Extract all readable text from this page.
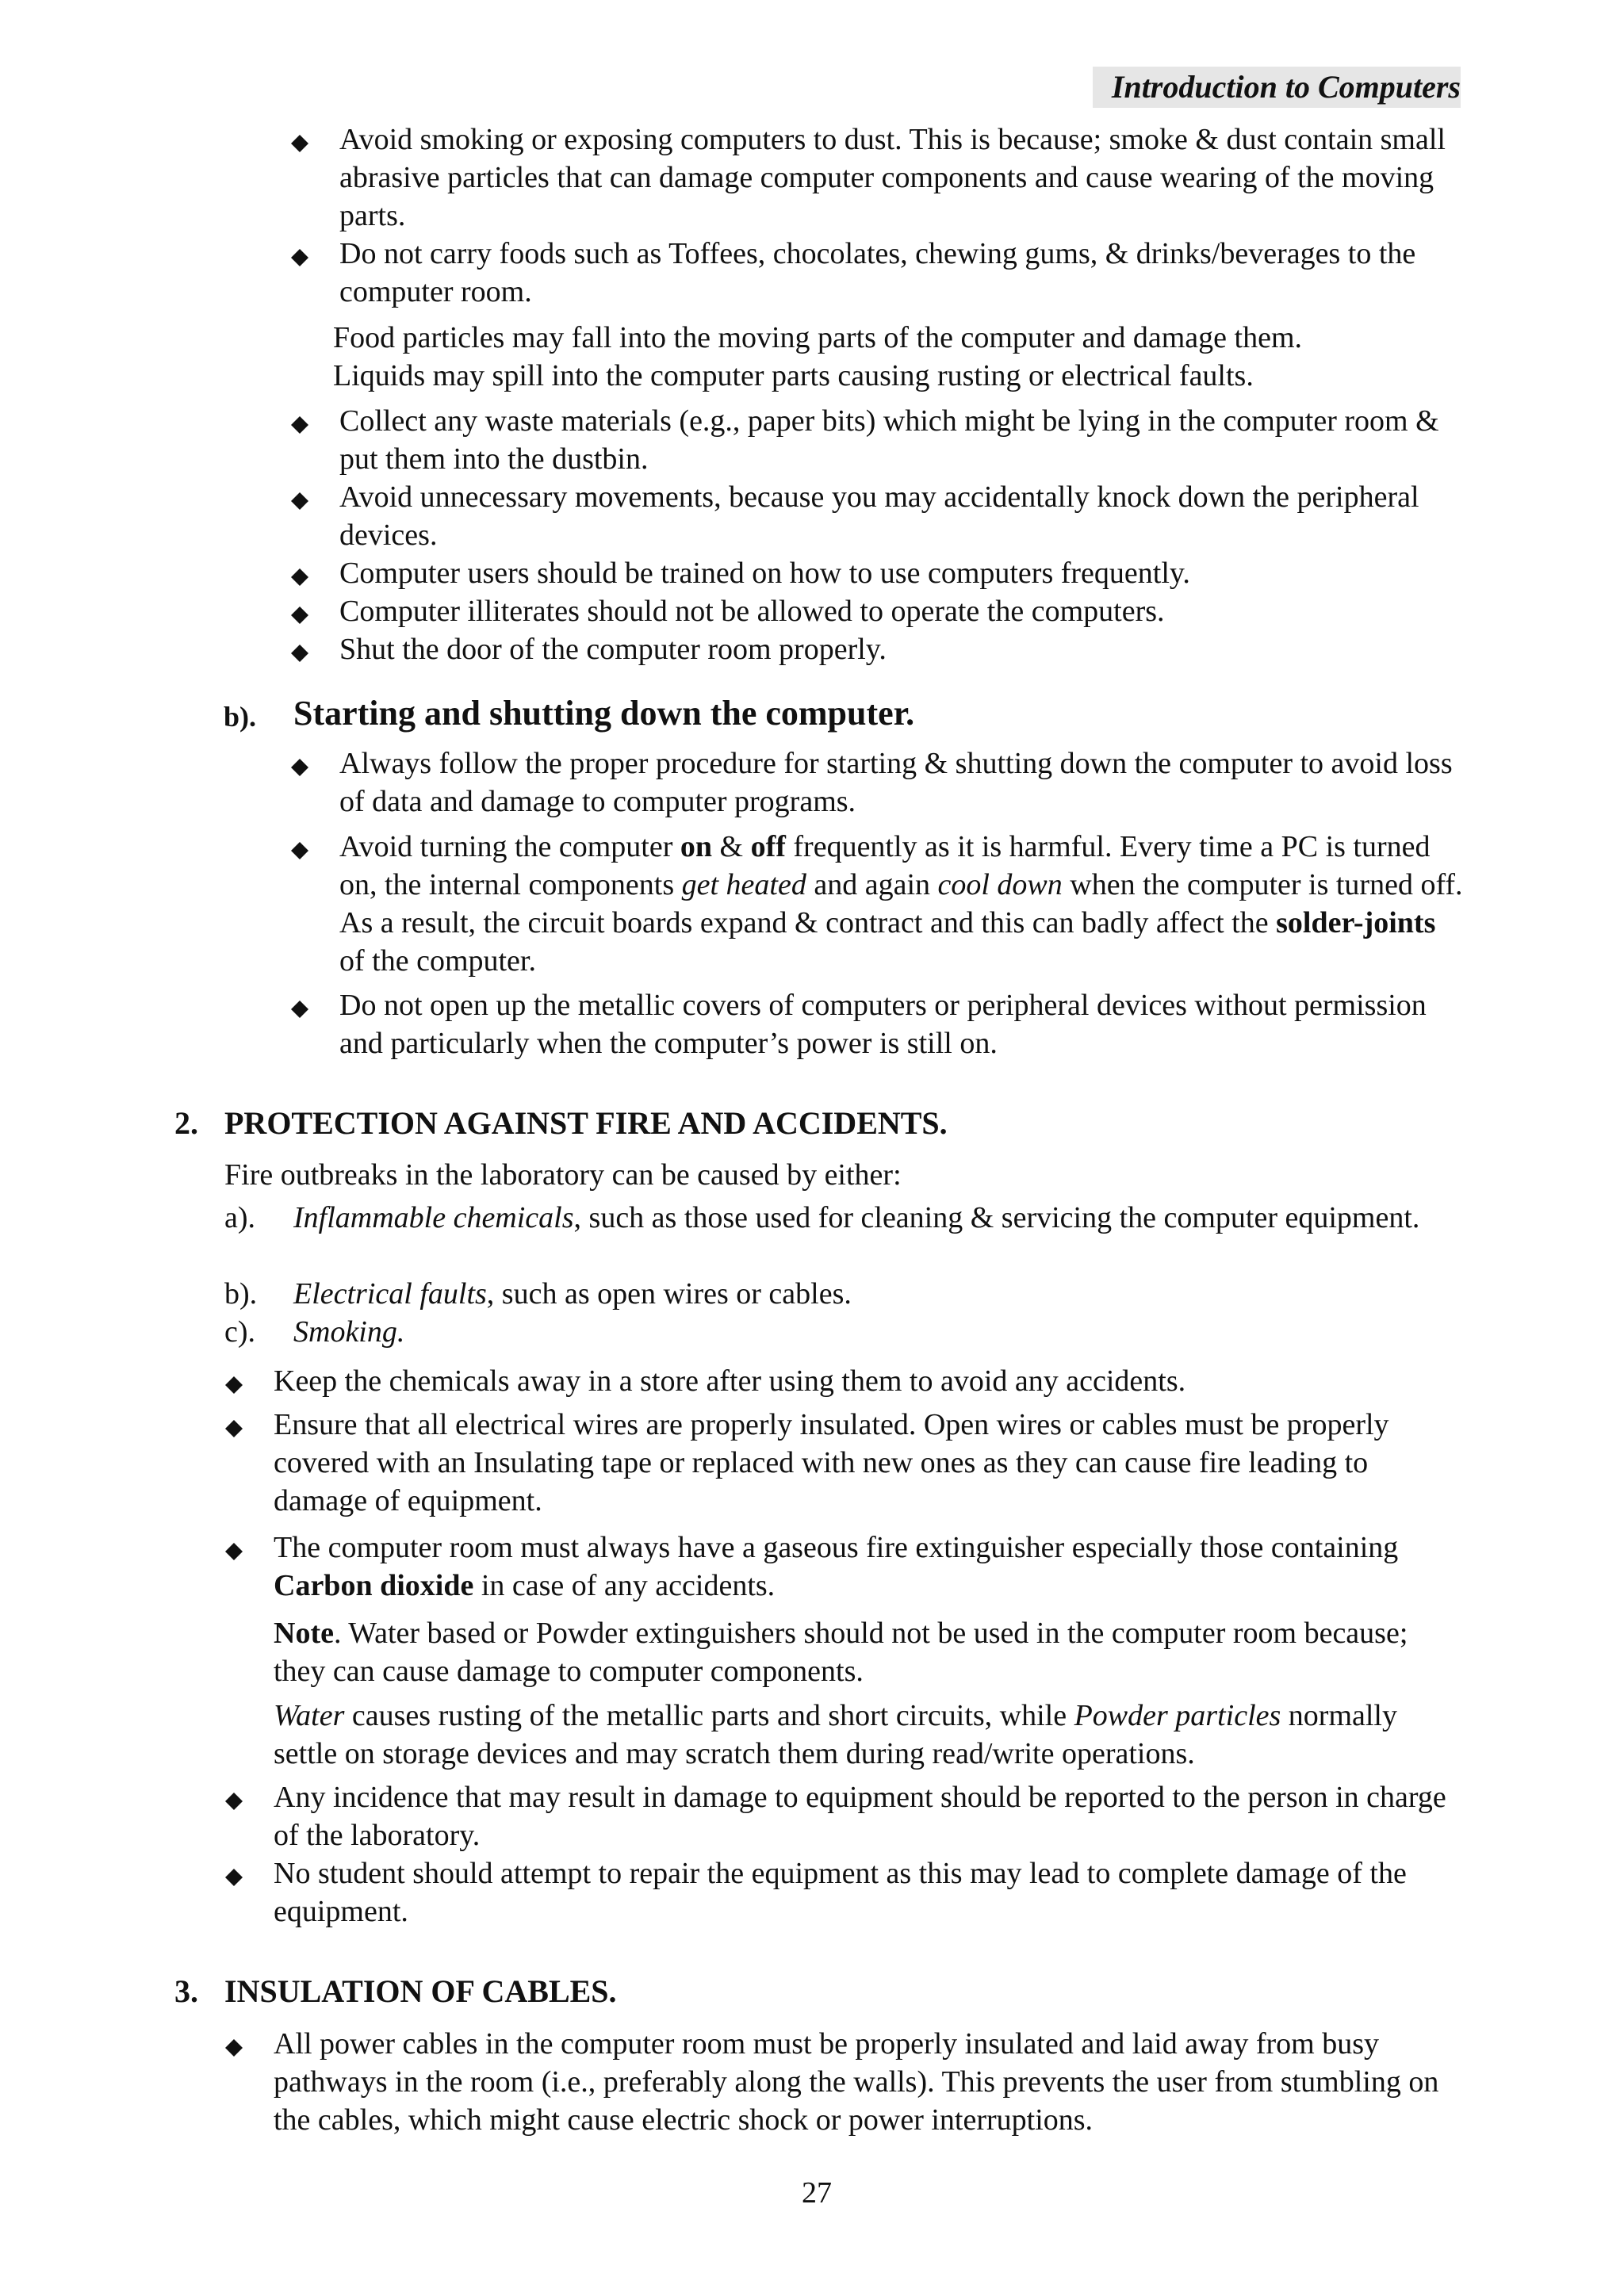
Introduction to Computers
Avoid smoking or exposing computers to dust. This is because; smoke & dust contain small abrasive particles that can damage computer components and cause wearing of the moving parts.
Do not carry foods such as Toffees, chocolates, chewing gums, & drinks/beverages to the computer room.
Food particles may fall into the moving parts of the computer and damage them.
Liquids may spill into the computer parts causing rusting or electrical faults.
Collect any waste materials (e.g., paper bits) which might be lying in the computer room & put them into the dustbin.
Avoid unnecessary movements, because you may accidentally knock down the peripheral devices.
Computer users should be trained on how to use computers frequently.
Computer illiterates should not be allowed to operate the computers.
Shut the door of the computer room properly.
b). Starting and shutting down the computer.
Always follow the proper procedure for starting & shutting down the computer to avoid loss of data and damage to computer programs.
Avoid turning the computer on & off frequently as it is harmful. Every time a PC is turned on, the internal components get heated and again cool down when the computer is turned off. As a result, the circuit boards expand & contract and this can badly affect the solder-joints of the computer.
Do not open up the metallic covers of computers or peripheral devices without permission and particularly when the computer’s power is still on.
2. PROTECTION AGAINST FIRE AND ACCIDENTS.
Fire outbreaks in the laboratory can be caused by either:
a). Inflammable chemicals, such as those used for cleaning & servicing the computer equipment.
b). Electrical faults, such as open wires or cables.
c). Smoking.
Keep the chemicals away in a store after using them to avoid any accidents.
Ensure that all electrical wires are properly insulated. Open wires or cables must be properly covered with an Insulating tape or replaced with new ones as they can cause fire leading to damage of equipment.
The computer room must always have a gaseous fire extinguisher especially those containing Carbon dioxide in case of any accidents.
Note. Water based or Powder extinguishers should not be used in the computer room because; they can cause damage to computer components.
Water causes rusting of the metallic parts and short circuits, while Powder particles normally settle on storage devices and may scratch them during read/write operations.
Any incidence that may result in damage to equipment should be reported to the person in charge of the laboratory.
No student should attempt to repair the equipment as this may lead to complete damage of the equipment.
3. INSULATION OF CABLES.
All power cables in the computer room must be properly insulated and laid away from busy pathways in the room (i.e., preferably along the walls). This prevents the user from stumbling on the cables, which might cause electric shock or power interruptions.
27
